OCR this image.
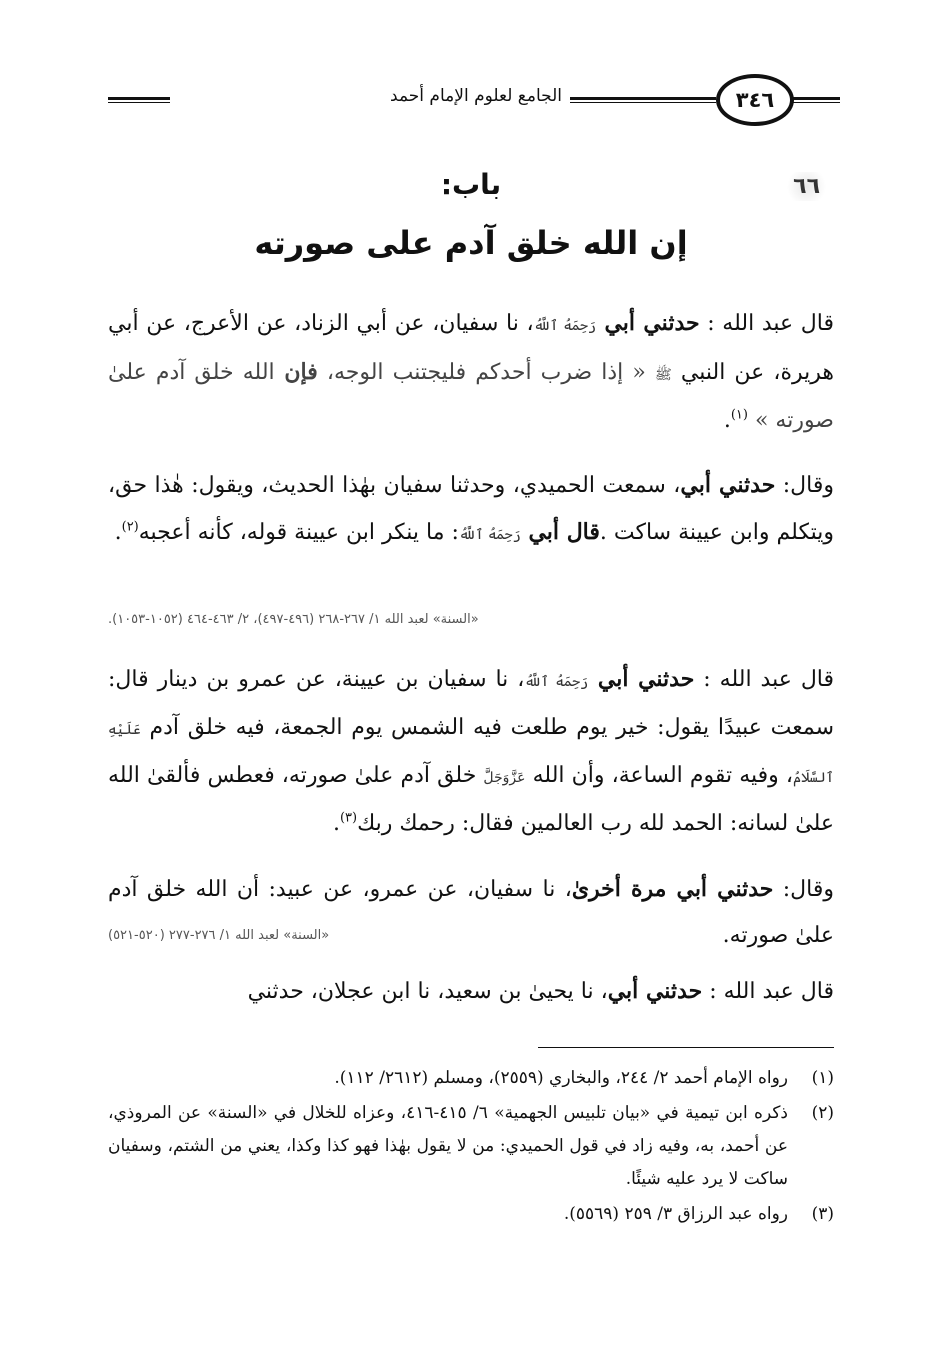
٣٤٦
الجامع لعلوم الإمام أحمد
٦٦
باب:
إن الله خلق آدم على صورته

قال عبد الله : حدثني أبي رَحِمَهُ ٱللَّهُ، نا سفيان، عن أبي الزناد، عن الأعرج، عن أبي هريرة، عن النبي ﷺ « إذا ضرب أحدكم فليجتنب الوجه، فإن الله خلق آدم علىٰ صورته » $^{(١)}$.

وقال: حدثني أبي، سمعت الحميدي، وحدثنا سفيان بهٰذا الحديث، ويقول: هٰذا حق، ويتكلم وابن عيينة ساكت .قال أبي رَحِمَهُ ٱللَّهُ: ما ينكر ابن عيينة قوله، كأنه أعجبه$^{(٢)}$.

«السنة» لعبد الله ١/ ٢٦٧-٢٦٨ (٤٩٦-٤٩٧)، ٢/ ٤٦٣-٤٦٤ (١٠٥٢-١٠٥٣).

قال عبد الله : حدثني أبي رَحِمَهُ ٱللَّهُ، نا سفيان بن عيينة، عن عمرو بن دينار قال: سمعت عبيدًا يقول: خير يوم طلعت فيه الشمس يوم الجمعة، فيه خلق آدم عَلَيْهِ ٱلسَّلَامُ، وفيه تقوم الساعة، وأن الله عَزَّوَجَلَّ خلق آدم علىٰ صورته، فعطس فألقىٰ الله علىٰ لسانه: الحمد لله رب العالمين فقال: رحمك ربك$^{(٣)}$.

وقال: حدثني أبي مرة أخرىٰ، نا سفيان، عن عمرو، عن عبيد: أن الله خلق آدم علىٰ صورته.
«السنة» لعبد الله ١/ ٢٧٦-٢٧٧ (٥٢٠-٥٢١)

قال عبد الله : حدثني أبي، نا يحيىٰ بن سعيد، نا ابن عجلان، حدثني

(١)
رواه الإمام أحمد ٢/ ٢٤٤، والبخاري (٢٥٥٩)، ومسلم (٢٦١٢/ ١١٢).
(٢)
ذكره ابن تيمية في «بيان تلبيس الجهمية» ٦/ ٤١٥-٤١٦، وعزاه للخلال في «السنة» عن المروذي، عن أحمد، به، وفيه زاد في قول الحميدي: من لا يقول بهٰذا فهو كذا وكذا، يعني من الشتم، وسفيان ساكت لا يرد عليه شيئًا.
(٣)
رواه عبد الرزاق ٣/ ٢٥٩ (٥٥٦٩).
